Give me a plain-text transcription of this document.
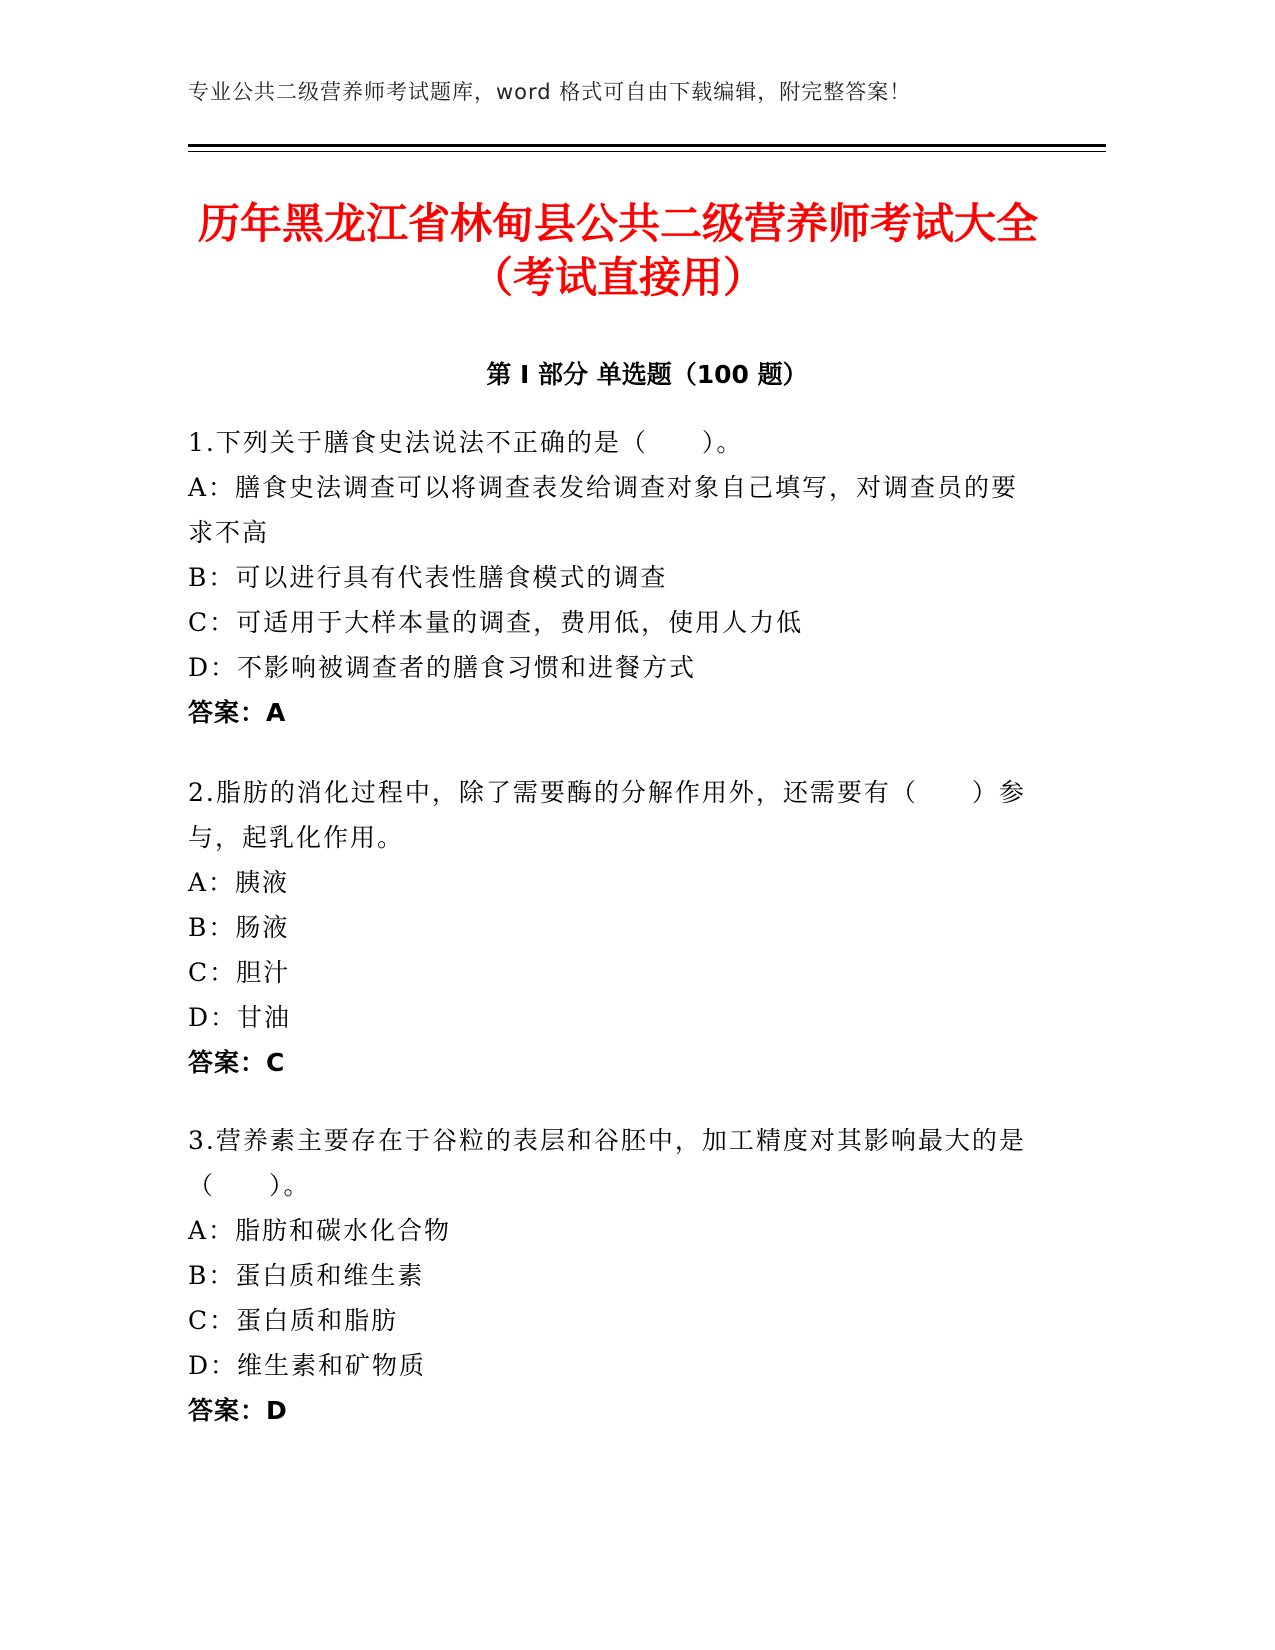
专业公共二级营养师考试题库，word 格式可自由下载编辑，附完整答案！
历年黑龙江省林甸县公共二级营养师考试大全（考试直接用）
第 I 部分 单选题（100 题）

1.下列关于膳食史法说法不正确的是（　　）。

A：膳食史法调查可以将调查表发给调查对象自己填写，对调查员的要求不高

B：可以进行具有代表性膳食模式的调查

C：可适用于大样本量的调查，费用低，使用人力低

D：不影响被调查者的膳食习惯和进餐方式

答案：A

2.脂肪的消化过程中，除了需要酶的分解作用外，还需要有（　　）参与，起乳化作用。

A：胰液

B：肠液

C：胆汁

D：甘油

答案：C

3.营养素主要存在于谷粒的表层和谷胚中，加工精度对其影响最大的是（　　）。

A：脂肪和碳水化合物

B：蛋白质和维生素

C：蛋白质和脂肪

D：维生素和矿物质

答案：D
